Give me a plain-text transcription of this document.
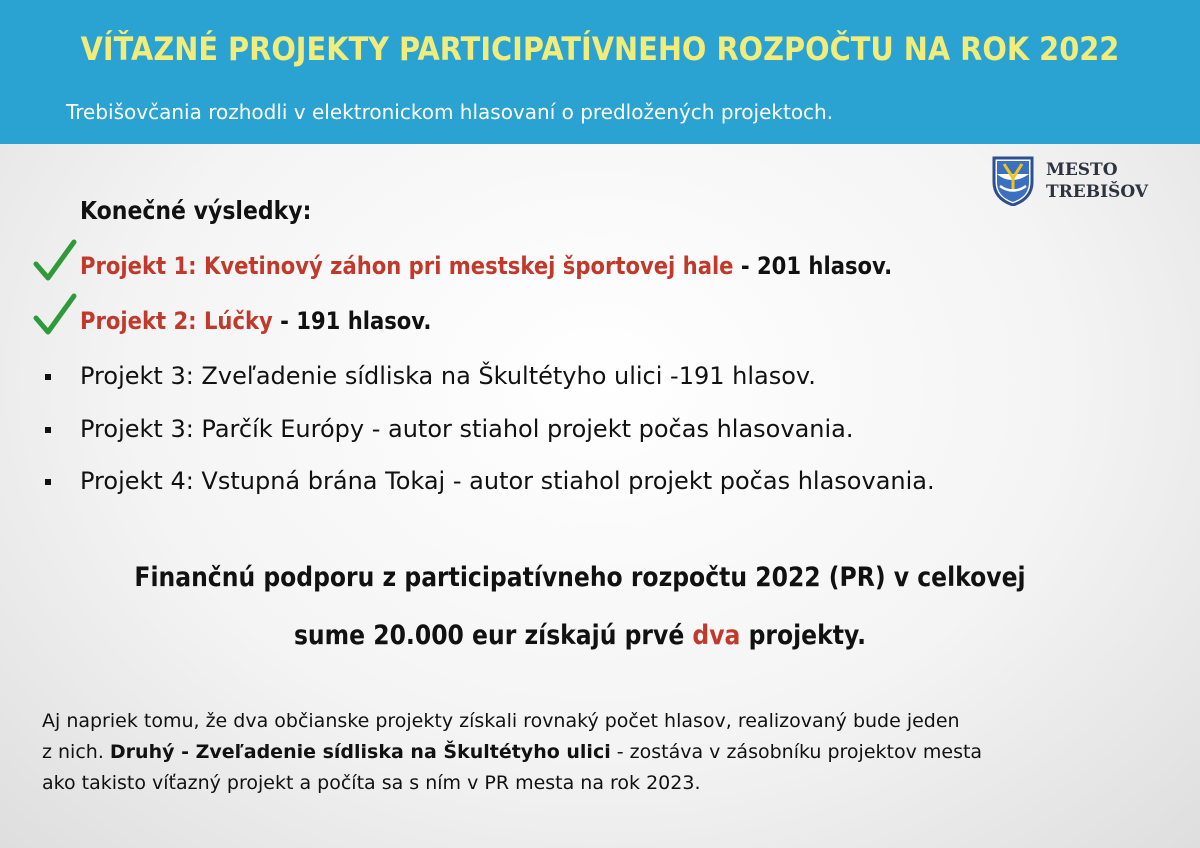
VÍŤAZNÉ PROJEKTY PARTICIPATÍVNEHO ROZPOČTU NA ROK 2022
Trebišovčania rozhodli v elektronickom hlasovaní o predložených projektoch.
MESTO
TREBIŠOV
Konečné výsledky:
Projekt 1: Kvetinový záhon pri mestskej športovej hale - 201 hlasov.
Projekt 2: Lúčky - 191 hlasov.
Projekt 3: Zveľadenie sídliska na Škultétyho ulici -191 hlasov.
Projekt 3: Parčík Európy - autor stiahol projekt počas hlasovania.
Projekt 4: Vstupná brána Tokaj - autor stiahol projekt počas hlasovania.
Finančnú podporu z participatívneho rozpočtu 2022 (PR) v celkovej
sume 20.000 eur získajú prvé dva projekty.
Aj napriek tomu, že dva občianske projekty získali rovnaký počet hlasov, realizovaný bude jeden
z nich. Druhý - Zveľadenie sídliska na Škultétyho ulici - zostáva v zásobníku projektov mesta
ako takisto víťazný projekt a počíta sa s ním v PR mesta na rok 2023.
